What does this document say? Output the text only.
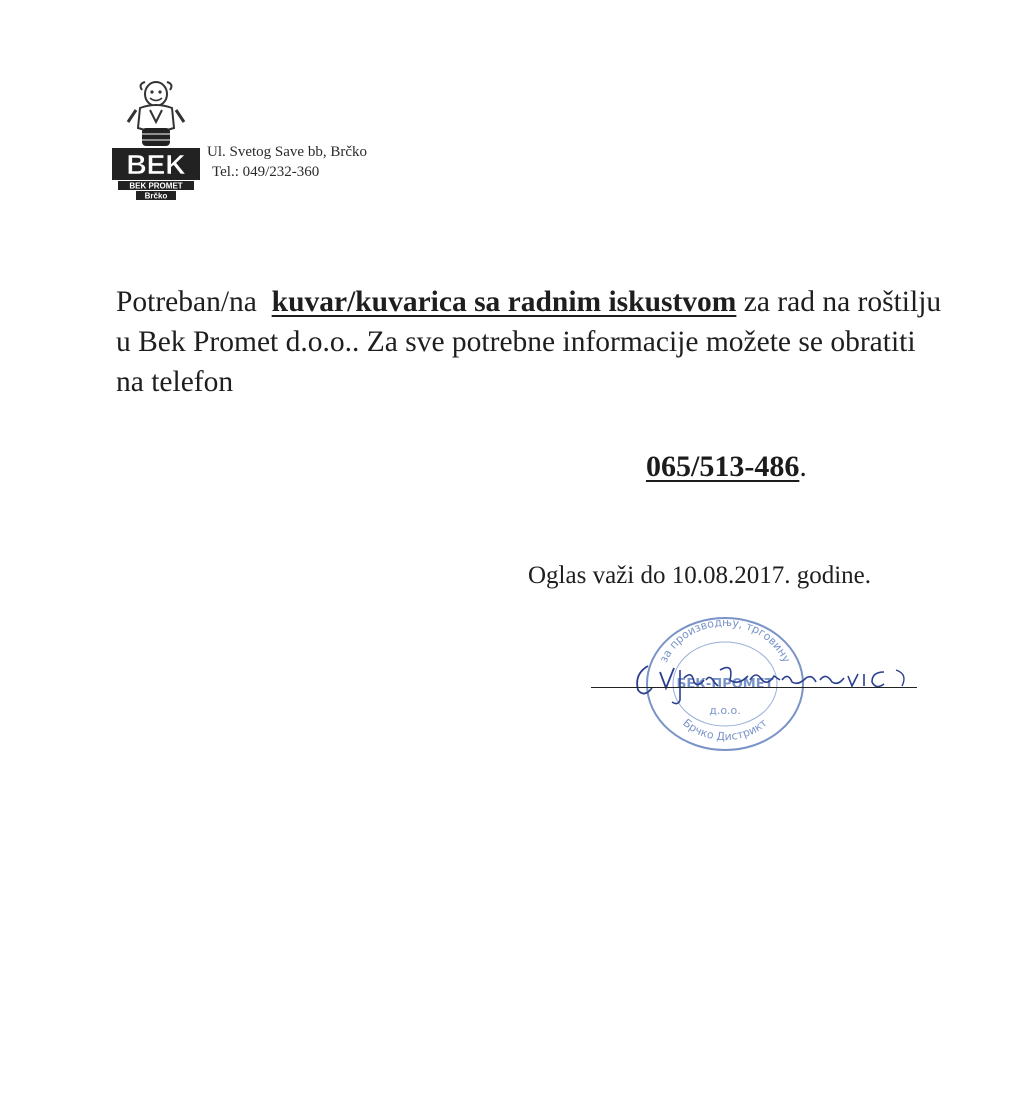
BEK
BEK PROMET
Brčko
Ul. Svetog Save bb, Brčko
Tel.: 049/232-360
Potreban/na  kuvar/kuvarica sa radnim iskustvom za rad na roštilju u Bek Promet d.o.o.. Za sve potrebne informacije možete se obratiti na telefon
065/513-486.
Oglas važi do 10.08.2017. godine.
за производњу, трговину
Брчко Дистрикт
БЕК-ПРОМЕТ
д.о.о.
